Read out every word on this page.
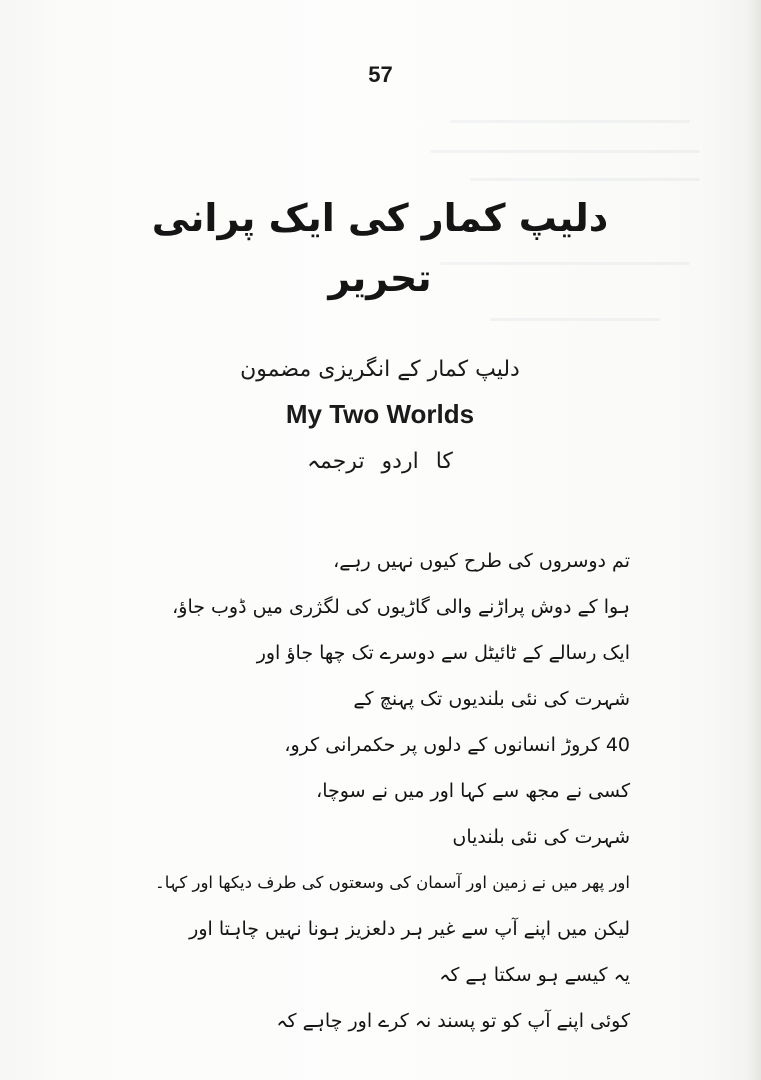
57
دلیپ کمار کی ایک پرانی تحریر
دلیپ کمار کے انگریزی مضمون
My Two Worlds
کا اردو ترجمہ
تم دوسروں کی طرح کیوں نہیں رہے،
ہوا کے دوش پراڑنے والی گاڑیوں کی لگژری میں ڈوب جاؤ،
ایک رسالے کے ٹائیٹل سے دوسرے تک چھا جاؤ اور
شہرت کی نئی بلندیوں تک پہنچ کے
40 کروڑ انسانوں کے دلوں پر حکمرانی کرو،
کسی نے مجھ سے کہا اور میں نے سوچا،
شہرت کی نئی بلندیاں
اور پھر میں نے زمین اور آسمان کی وسعتوں کی طرف دیکھا اور کہا۔
لیکن میں اپنے آپ سے غیر ہر دلعزیز ہونا نہیں چاہتا اور
یہ کیسے ہو سکتا ہے کہ
کوئی اپنے آپ کو تو پسند نہ کرے اور چاہے کہ
